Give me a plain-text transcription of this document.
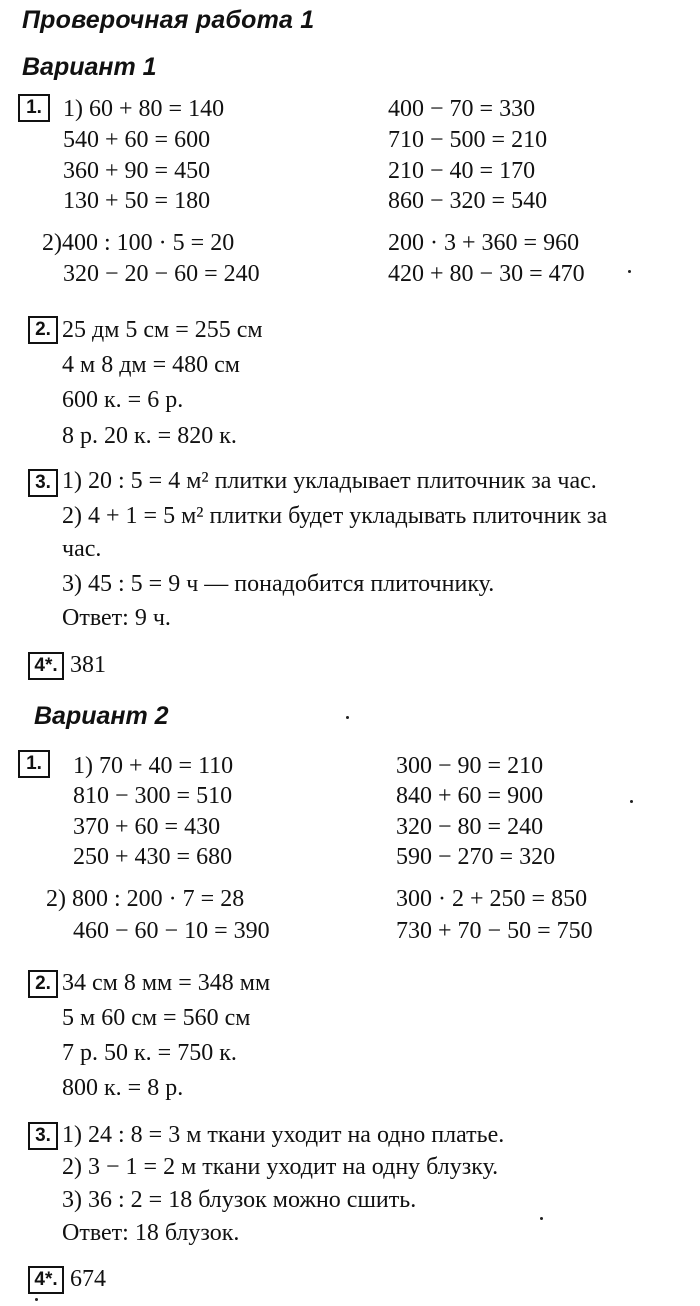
Проверочная работа 1
Вариант 1
1. 1) 60 + 80 = 140
540 + 60 = 600
360 + 90 = 450
130 + 50 = 180
2)400 : 100 · 5 = 20
320 − 20 − 60 = 240
400 − 70 = 330
710 − 500 = 210
210 − 40 = 170
860 − 320 = 540
200 · 3 + 360 = 960
420 + 80 − 30 = 470
2. 25 дм 5 см = 255 см
4 м 8 дм = 480 см
600 к. = 6 р.
8 р. 20 к. = 820 к.
3. 1) 20 : 5 = 4 м² плитки укладывает плиточник за час.
2) 4 + 1 = 5 м² плитки будет укладывать плиточник за
час.
3) 45 : 5 = 9 ч — понадобится плиточнику.
Ответ: 9 ч.
4*. 381
Вариант 2
1.	1) 70 + 40 = 110
810 − 300 = 510
370 + 60 = 430
250 + 430 = 680
2) 800 : 200 · 7 = 28
460 − 60 − 10 = 390
300 − 90 = 210
840 + 60 = 900
320 − 80 = 240
590 − 270 = 320
300 · 2 + 250 = 850
730 + 70 − 50 = 750
2. 34 см 8 мм = 348 мм
5 м 60 см = 560 см
7 р. 50 к. = 750 к.
800 к. = 8 р.
3. 1) 24 : 8 = 3 м ткани уходит на одно платье.
2) 3 − 1 = 2 м ткани уходит на одну блузку.
3) 36 : 2 = 18 блузок можно сшить.
Ответ: 18 блузок.
4*. 674
